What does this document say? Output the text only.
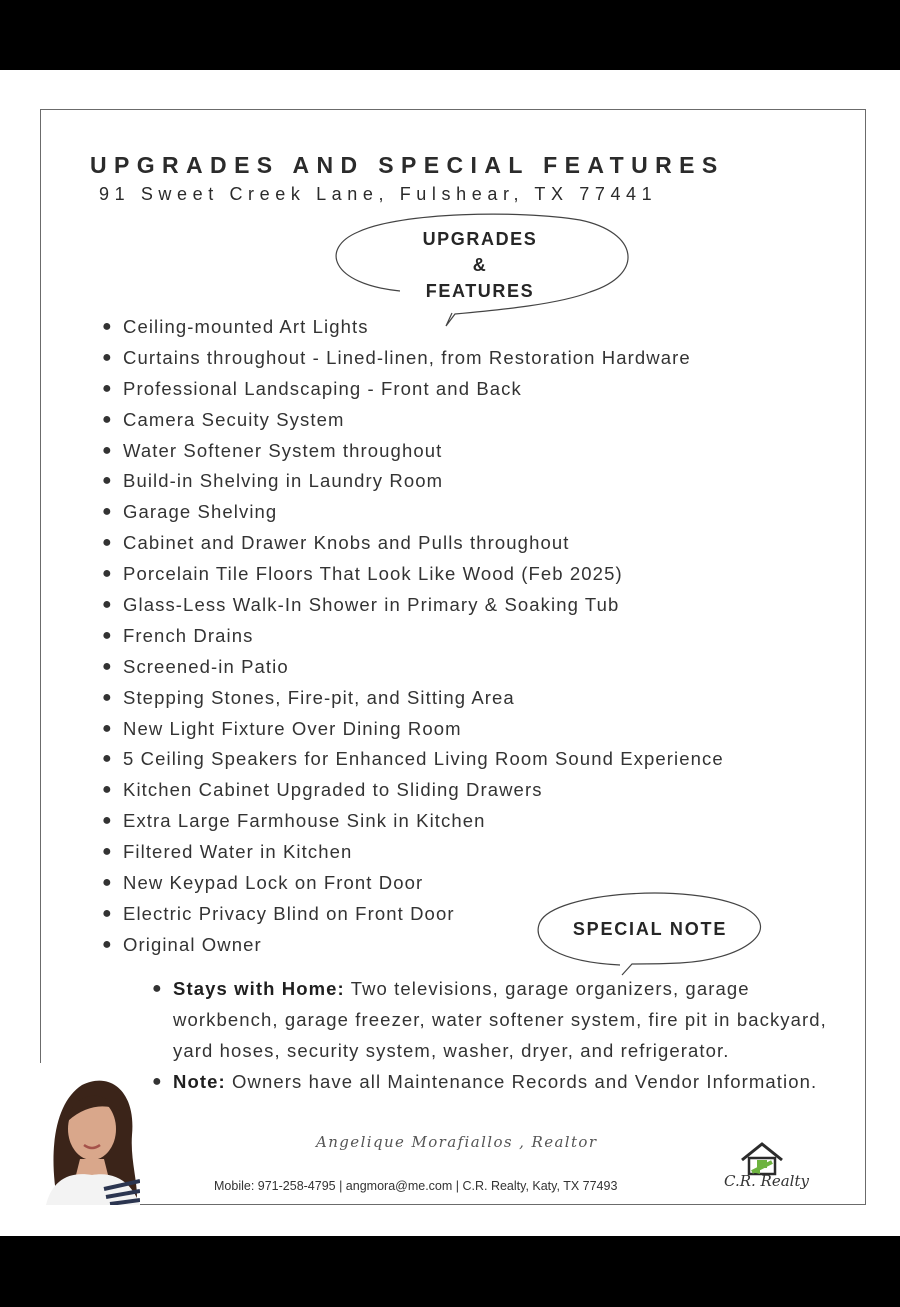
UPGRADES AND SPECIAL FEATURES

91 Sweet Creek Lane, Fulshear, TX 77441

UPGRADES
&
FEATURES
● Ceiling-mounted Art Lights
● Curtains throughout - Lined-linen, from Restoration Hardware
● Professional Landscaping - Front and Back
● Camera Secuity System
● Water Softener System throughout
● Build-in Shelving in Laundry Room
● Garage Shelving
● Cabinet and Drawer Knobs and Pulls throughout
● Porcelain Tile Floors That Look Like Wood (Feb 2025)
● Glass-Less Walk-In Shower in Primary & Soaking Tub
● French Drains
● Screened-in Patio
● Stepping Stones, Fire-pit, and Sitting Area
● New Light Fixture Over Dining Room
● 5 Ceiling Speakers for Enhanced Living Room Sound Experience
● Kitchen Cabinet Upgraded to Sliding Drawers
● Extra Large Farmhouse Sink in Kitchen
● Filtered Water in Kitchen
● New Keypad Lock on Front Door
● Electric Privacy Blind on Front Door
● Original Owner
SPECIAL NOTE
● Stays with Home: Two televisions, garage organizers, garage workbench, garage freezer, water softener system, fire pit in backyard, yard hoses, security system, washer, dryer, and refrigerator.
● Note: Owners have all Maintenance Records and Vendor Information.
Angelique Morafiallos , Realtor
Mobile: 971-258-4795 | angmora@me.com | C.R. Realty, Katy, TX 77493	C.R. Realty
